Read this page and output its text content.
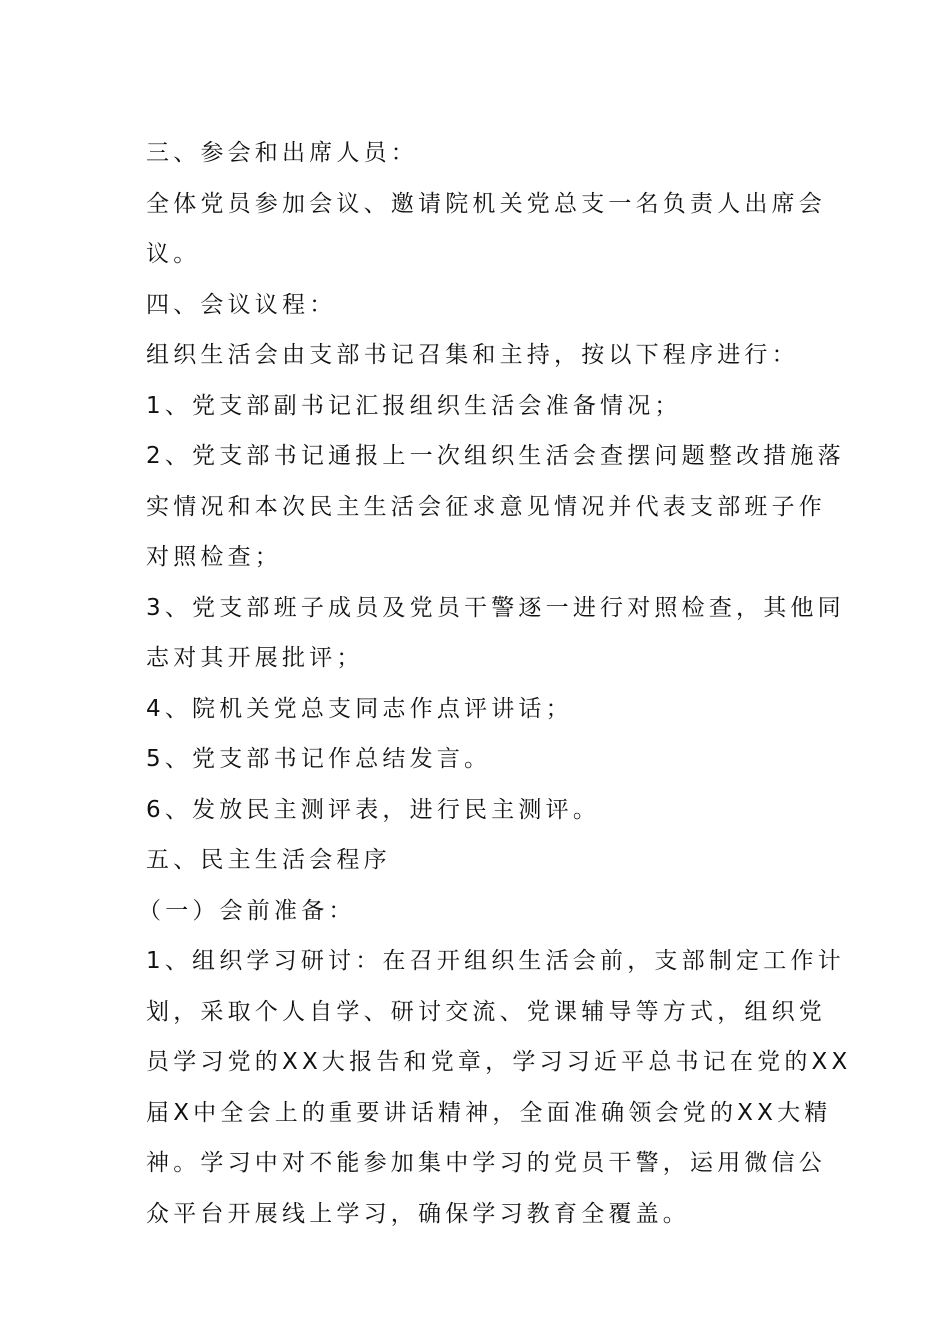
三、参会和出席人员：
全体党员参加会议、邀请院机关党总支一名负责人出席会
议。
四、会议议程：
组织生活会由支部书记召集和主持，按以下程序进行：
1、党支部副书记汇报组织生活会准备情况；
2、党支部书记通报上一次组织生活会查摆问题整改措施落
实情况和本次民主生活会征求意见情况并代表支部班子作
对照检查；
3、党支部班子成员及党员干警逐一进行对照检查，其他同
志对其开展批评；
4、院机关党总支同志作点评讲话；
5、党支部书记作总结发言。
6、发放民主测评表，进行民主测评。
五、民主生活会程序
（一）会前准备：
1、组织学习研讨：在召开组织生活会前，支部制定工作计
划，采取个人自学、研讨交流、党课辅导等方式，组织党
员学习党的XX大报告和党章，学习习近平总书记在党的XX
届X中全会上的重要讲话精神，全面准确领会党的XX大精
神。学习中对不能参加集中学习的党员干警，运用微信公
众平台开展线上学习，确保学习教育全覆盖。
